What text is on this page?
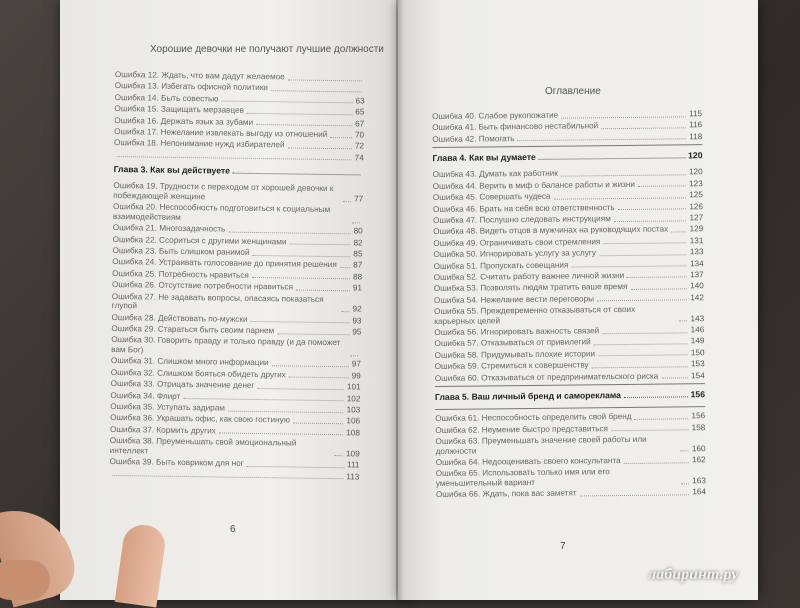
Хорошие девочки не получают лучшие должности
Оглавление
Ошибка 12. Ждать, что вам дадут желаемое
Ошибка 13. Избегать офисной политики
Ошибка 14. Быть совестью	63
Ошибка 15. Защищать мерзавцев	65
Ошибка 16. Держать язык за зубами	67
Ошибка 17. Нежелание извлекать выгоду из отношений	70
Ошибка 18. Непонимание нужд избирателей	72
74
Глава 3. Как вы действуете
Ошибка 19. Трудности с переходом от хорошей девочки к побеждающей женщине	77
Ошибка 20. Неспособность подготовиться к социальным взаимодействиям
Ошибка 21. Многозадачность	80
Ошибка 22. Ссориться с другими женщинами	82
Ошибка 23. Быть слишком ранимой	85
Ошибка 24. Устраивать голосование до принятия решения 87
Ошибка 25. Потребность нравиться	88
Ошибка 26. Отсутствие потребности нравиться	91
Ошибка 27. Не задавать вопросы, опасаясь показаться глупой	92
Ошибка 28. Действовать по-мужски	93
Ошибка 29. Стараться быть своим парнем	95
Ошибка 30. Говорить правду и только правду (и да поможет вам Бог)
Ошибка 31. Слишком много информации	97
Ошибка 32. Слишком бояться обидеть других	99
Ошибка 33. Отрицать значение денег	101
Ошибка 34. Флирт	102
Ошибка 35. Уступать задирам	103
Ошибка 36. Украшать офис, как свою гостиную	106
Ошибка 37. Кормить других	108
Ошибка 38. Преуменьшать свой эмоциональный интеллект	109
Ошибка 39. Быть ковриком для ног	111
113
Ошибка 40. Слабое рукопожатие	115
Ошибка 41. Быть финансово нестабильной	116
Ошибка 42. Помогать	118
Глава 4. Как вы думаете	120
Ошибка 43. Думать как работник	120
Ошибка 44. Верить в миф о балансе работы и жизни	123
Ошибка 45. Совершать чудеса	125
Ошибка 46. Брать на себя всю ответственность	126
Ошибка 47. Послушно следовать инструкциям	127
Ошибка 48. Видеть отцов в мужчинах на руководящих постах	129
Ошибка 49. Ограничивать свои стремления	131
Ошибка 50. Игнорировать услугу за услугу	133
Ошибка 51. Пропускать совещания	134
Ошибка 52. Считать работу важнее личной жизни	137
Ошибка 53. Позволять людям тратить ваше время	140
Ошибка 54. Нежелание вести переговоры	142
Ошибка 55. Преждевременно отказываться от своих карьерных целей	143
Ошибка 56. Игнорировать важность связей	146
Ошибка 57. Отказываться от привилегий	149
Ошибка 58. Придумывать плохие истории	150
Ошибка 59. Стремиться к совершенству	153
Ошибка 60. Отказываться от предпринимательского риска	154
Глава 5. Ваш личный бренд и самореклама	156
Ошибка 61. Неспособность определить свой бренд	156
Ошибка 62. Неумение быстро представиться	158
Ошибка 63. Преуменьшать значение своей работы или должности	160
Ошибка 64. Недооценивать своего консультанта	162
Ошибка 65. Использовать только имя или его уменьшительный вариант	163
Ошибка 66. Ждать, пока вас заметят	164
6
7
лабиринт.ру
